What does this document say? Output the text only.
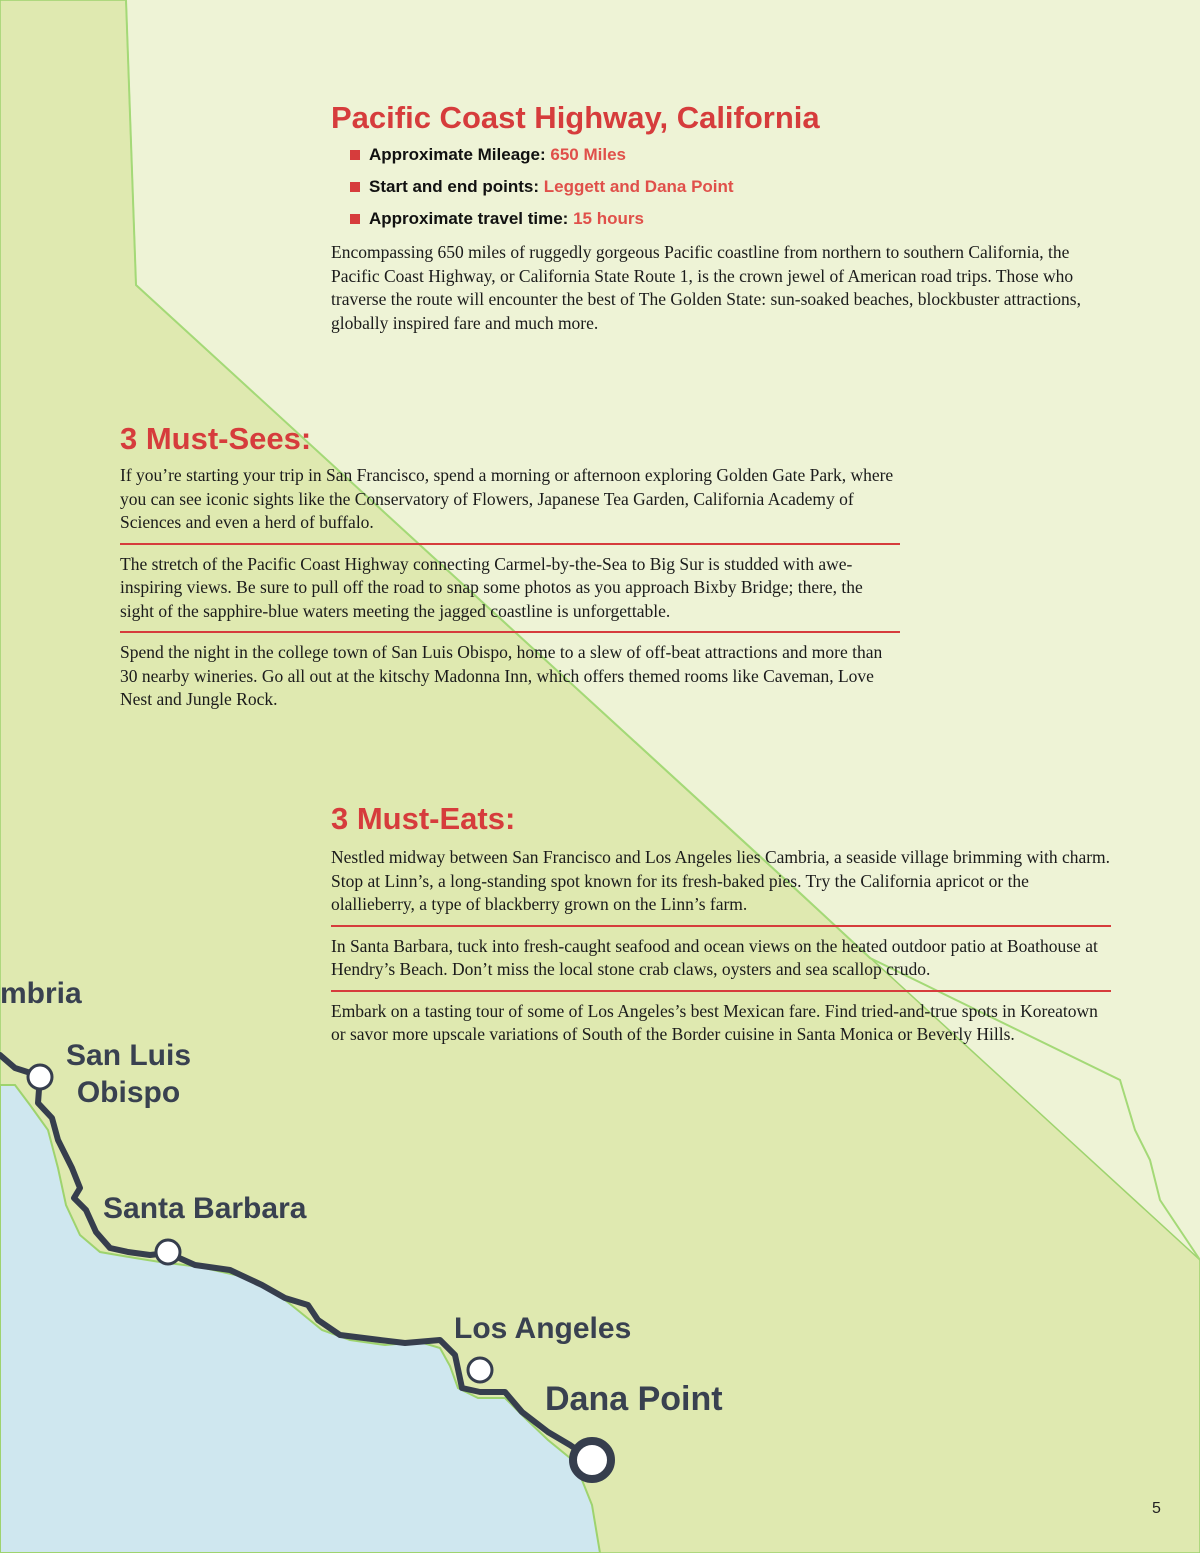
Pacific Coast Highway, California
Approximate Mileage: 650 Miles
Start and end points: Leggett and Dana Point
Approximate travel time: 15 hours

Encompassing 650 miles of ruggedly gorgeous Pacific coastline from northern to southern California, the Pacific Coast Highway, or California State Route 1, is the crown jewel of American road trips. Those who traverse the route will encounter the best of The Golden State: sun-soaked beaches, blockbuster attractions, globally inspired fare and much more.

3 Must-Sees:

If you’re starting your trip in San Francisco, spend a morning or afternoon exploring Golden Gate Park, where you can see iconic sights like the Conservatory of Flowers, Japanese Tea Garden, California Academy of Sciences and even a herd of buffalo.

The stretch of the Pacific Coast Highway connecting Carmel-by-the-Sea to Big Sur is studded with awe-inspiring views. Be sure to pull off the road to snap some photos as you approach Bixby Bridge; there, the sight of the sapphire-blue waters meeting the jagged coastline is unforgettable.

Spend the night in the college town of San Luis Obispo, home to a slew of off-beat attractions and more than 30 nearby wineries. Go all out at the kitschy Madonna Inn, which offers themed rooms like Caveman, Love Nest and Jungle Rock.

3 Must-Eats:

Nestled midway between San Francisco and Los Angeles lies Cambria, a seaside village brimming with charm. Stop at Linn’s, a long-standing spot known for its fresh-baked pies. Try the California apricot or the olallieberry, a type of blackberry grown on the Linn’s farm.

In Santa Barbara, tuck into fresh-caught seafood and ocean views on the heated outdoor patio at Boathouse at Hendry’s Beach. Don’t miss the local stone crab claws, oysters and sea scallop crudo.

Embark on a tasting tour of some of Los Angeles’s best Mexican fare. Find tried-and-true spots in Koreatown or savor more upscale variations of South of the Border cuisine in Santa Monica or Beverly Hills.

mbria
San Luis
Obispo
Santa Barbara
Los Angeles
Dana Point
5
